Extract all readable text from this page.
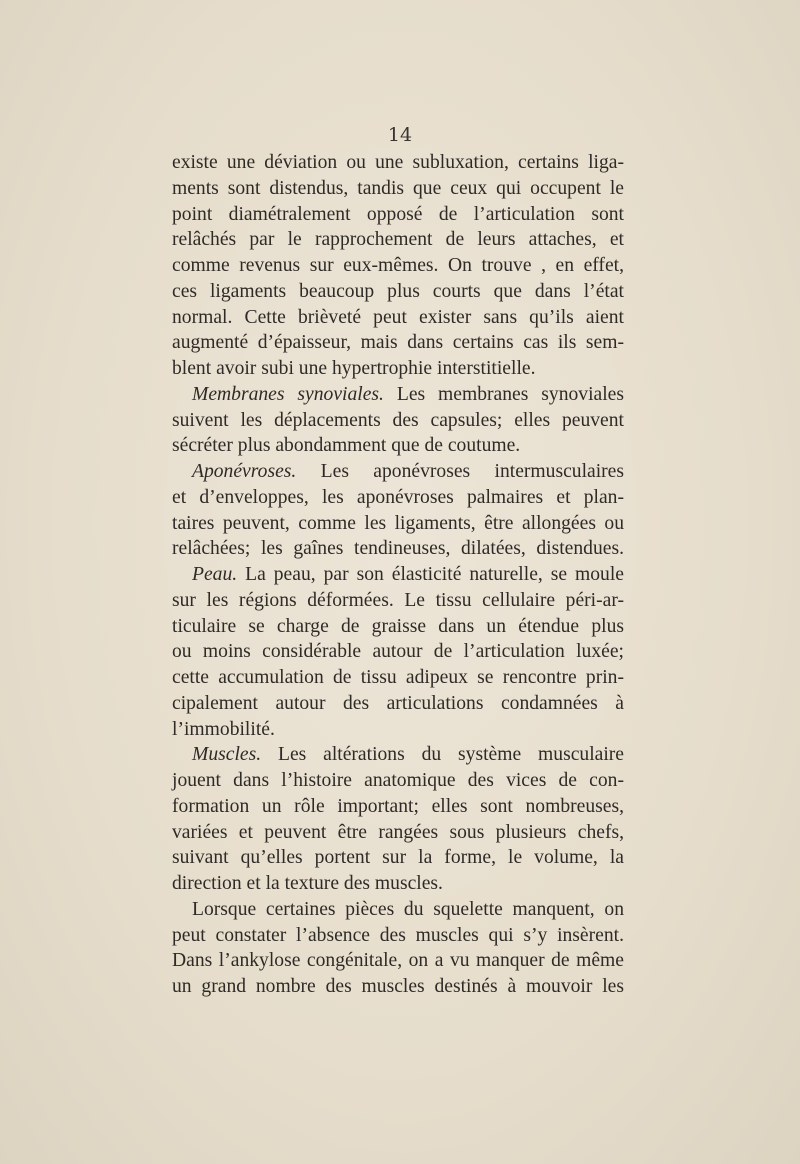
14
existe une déviation ou une subluxation, certains liga-
ments sont distendus, tandis que ceux qui occupent le
point diamétralement opposé de l’articulation sont
relâchés par le rapprochement de leurs attaches, et
comme revenus sur eux-mêmes. On trouve , en effet,
ces ligaments beaucoup plus courts que dans l’état
normal. Cette brièveté peut exister sans qu’ils aient
augmenté d’épaisseur, mais dans certains cas ils sem-
blent avoir subi une hypertrophie interstitielle.
Membranes synoviales. Les membranes synoviales
suivent les déplacements des capsules; elles peuvent
sécréter plus abondamment que de coutume.
Aponévroses. Les aponévroses intermusculaires
et d’enveloppes, les aponévroses palmaires et plan-
taires peuvent, comme les ligaments, être allongées ou
relâchées; les gaînes tendineuses, dilatées, distendues.
Peau. La peau, par son élasticité naturelle, se moule
sur les régions déformées. Le tissu cellulaire péri-ar-
ticulaire se charge de graisse dans un étendue plus
ou moins considérable autour de l’articulation luxée;
cette accumulation de tissu adipeux se rencontre prin-
cipalement autour des articulations condamnées à
l’immobilité.
Muscles. Les altérations du système musculaire
jouent dans l’histoire anatomique des vices de con-
formation un rôle important; elles sont nombreuses,
variées et peuvent être rangées sous plusieurs chefs,
suivant qu’elles portent sur la forme, le volume, la
direction et la texture des muscles.
Lorsque certaines pièces du squelette manquent, on
peut constater l’absence des muscles qui s’y insèrent.
Dans l’ankylose congénitale, on a vu manquer de même
un grand nombre des muscles destinés à mouvoir les
